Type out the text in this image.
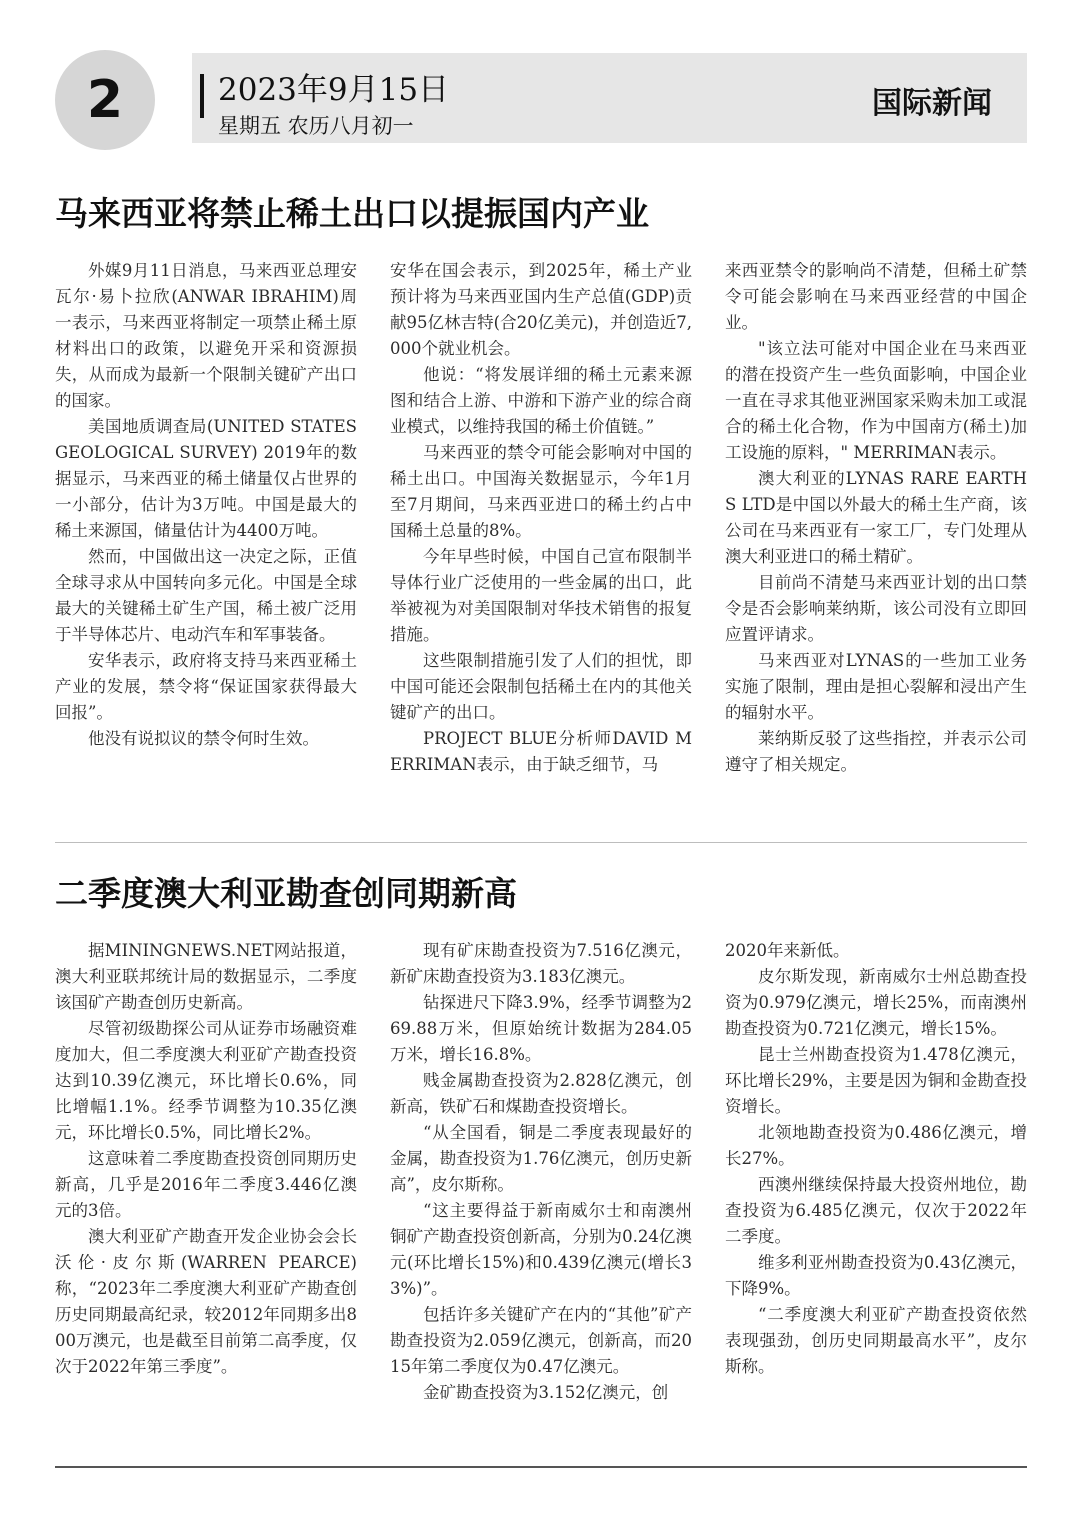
2	2023年9月15日
星期五 农历八月初一
国际新闻
马来西亚将禁止稀土出口以提振国内产业

外媒9月11日消息，马来西亚总理安瓦尔·易卜拉欣(ANWAR IBRAHIM)周一表示，马来西亚将制定一项禁止稀土原材料出口的政策，以避免开采和资源损失，从而成为最新一个限制关键矿产出口的国家。

美国地质调查局(UNITED STATES GEOLOGICAL SURVEY) 2019年的数据显示，马来西亚的稀土储量仅占世界的一小部分，估计为3万吨。中国是最大的稀土来源国，储量估计为4400万吨。

然而，中国做出这一决定之际，正值全球寻求从中国转向多元化。中国是全球最大的关键稀土矿生产国，稀土被广泛用于半导体芯片、电动汽车和军事装备。

安华表示，政府将支持马来西亚稀土产业的发展，禁令将“保证国家获得最大回报”。

他没有说拟议的禁令何时生效。

安华在国会表示，到2025年，稀土产业预计将为马来西亚国内生产总值(GDP)贡献95亿林吉特(合20亿美元)，并创造近7,000个就业机会。

他说：“将发展详细的稀土元素来源图和结合上游、中游和下游产业的综合商业模式，以维持我国的稀土价值链。”

马来西亚的禁令可能会影响对中国的稀土出口。中国海关数据显示，今年1月至7月期间，马来西亚进口的稀土约占中国稀土总量的8%。

今年早些时候，中国自己宣布限制半导体行业广泛使用的一些金属的出口，此举被视为对美国限制对华技术销售的报复措施。

这些限制措施引发了人们的担忧，即中国可能还会限制包括稀土在内的其他关键矿产的出口。

PROJECT BLUE分析师DAVID MERRIMAN表示，由于缺乏细节，马

来西亚禁令的影响尚不清楚，但稀土矿禁令可能会影响在马来西亚经营的中国企业。

"该立法可能对中国企业在马来西亚的潜在投资产生一些负面影响，中国企业一直在寻求其他亚洲国家采购未加工或混合的稀土化合物，作为中国南方(稀土)加工设施的原料，" MERRIMAN表示。

澳大利亚的LYNAS RARE EARTHS LTD是中国以外最大的稀土生产商，该公司在马来西亚有一家工厂，专门处理从澳大利亚进口的稀土精矿。

目前尚不清楚马来西亚计划的出口禁令是否会影响莱纳斯，该公司没有立即回应置评请求。

马来西亚对LYNAS的一些加工业务实施了限制，理由是担心裂解和浸出产生的辐射水平。

莱纳斯反驳了这些指控，并表示公司遵守了相关规定。

二季度澳大利亚勘查创同期新高

据MININGNEWS.NET网站报道，澳大利亚联邦统计局的数据显示，二季度该国矿产勘查创历史新高。

尽管初级勘探公司从证券市场融资难度加大，但二季度澳大利亚矿产勘查投资达到10.39亿澳元，环比增长0.6%，同比增幅1.1%。经季节调整为10.35亿澳元，环比增长0.5%，同比增长2%。

这意味着二季度勘查投资创同期历史新高，几乎是2016年二季度3.446亿澳元的3倍。

澳大利亚矿产勘查开发企业协会会长沃伦·皮尔斯(WARREN PEARCE)称，“2023年二季度澳大利亚矿产勘查创历史同期最高纪录，较2012年同期多出800万澳元，也是截至目前第二高季度，仅次于2022年第三季度”。

现有矿床勘查投资为7.516亿澳元，新矿床勘查投资为3.183亿澳元。

钻探进尺下降3.9%，经季节调整为269.88万米，但原始统计数据为284.05万米，增长16.8%。

贱金属勘查投资为2.828亿澳元，创新高，铁矿石和煤勘查投资增长。

“从全国看，铜是二季度表现最好的金属，勘查投资为1.76亿澳元，创历史新高”，皮尔斯称。

“这主要得益于新南威尔士和南澳州铜矿产勘查投资创新高，分别为0.24亿澳元(环比增长15%)和0.439亿澳元(增长33%)”。

包括许多关键矿产在内的“其他”矿产勘查投资为2.059亿澳元，创新高，而2015年第二季度仅为0.47亿澳元。

金矿勘查投资为3.152亿澳元，创

2020年来新低。

皮尔斯发现，新南威尔士州总勘查投资为0.979亿澳元，增长25%，而南澳州勘查投资为0.721亿澳元，增长15%。

昆士兰州勘查投资为1.478亿澳元，环比增长29%，主要是因为铜和金勘查投资增长。

北领地勘查投资为0.486亿澳元，增长27%。

西澳州继续保持最大投资州地位，勘查投资为6.485亿澳元，仅次于2022年二季度。

维多利亚州勘查投资为0.43亿澳元，下降9%。

“二季度澳大利亚矿产勘查投资依然表现强劲，创历史同期最高水平”，皮尔斯称。
